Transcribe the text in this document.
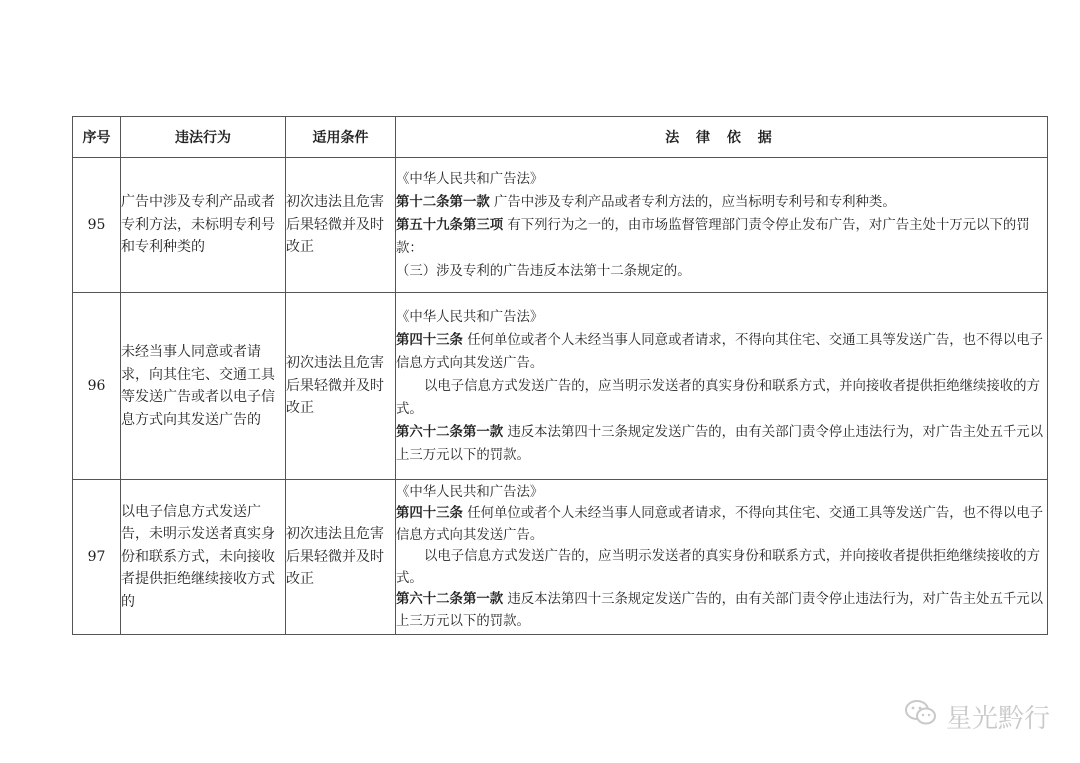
序号	违法行为	适用条件	法 律 依 据
95	广告中涉及专利产品或者专利方法，未标明专利号和专利种类的	初次违法且危害后果轻微并及时改正	《中华人民共和广告法》
第十二条第一款 广告中涉及专利产品或者专利方法的，应当标明专利号和专利种类。
第五十九条第三项 有下列行为之一的，由市场监督管理部门责令停止发布广告，对广告主处十万元以下的罚款：
（三）涉及专利的广告违反本法第十二条规定的。

96	未经当事人同意或者请求，向其住宅、交通工具等发送广告或者以电子信息方式向其发送广告的	初次违法且危害后果轻微并及时改正	《中华人民共和广告法》
第四十三条 任何单位或者个人未经当事人同意或者请求，不得向其住宅、交通工具等发送广告，也不得以电子信息方式向其发送广告。
以电子信息方式发送广告的，应当明示发送者的真实身份和联系方式，并向接收者提供拒绝继续接收的方式。
第六十二条第一款 违反本法第四十三条规定发送广告的，由有关部门责令停止违法行为，对广告主处五千元以上三万元以下的罚款。

97	以电子信息方式发送广告，未明示发送者真实身份和联系方式，未向接收者提供拒绝继续接收方式的	初次违法且危害后果轻微并及时改正	《中华人民共和广告法》
第四十三条 任何单位或者个人未经当事人同意或者请求，不得向其住宅、交通工具等发送广告，也不得以电子信息方式向其发送广告。
以电子信息方式发送广告的，应当明示发送者的真实身份和联系方式，并向接收者提供拒绝继续接收的方式。
第六十二条第一款 违反本法第四十三条规定发送广告的，由有关部门责令停止违法行为，对广告主处五千元以上三万元以下的罚款。
星光黔行
